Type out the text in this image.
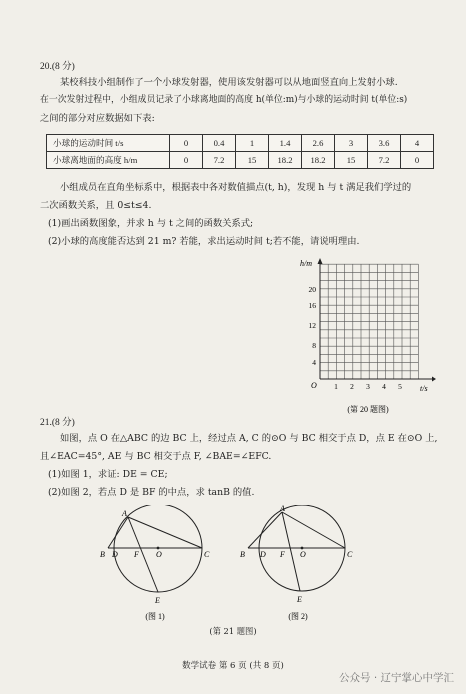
20.(8 分)
某校科技小组制作了一个小球发射器，使用该发射器可以从地面竖直向上发射小球.
在一次发射过程中，小组成员记录了小球离地面的高度 h(单位:m)与小球的运动时间 t(单位:s)
之间的部分对应数据如下表:
小球的运动时间 t/s	0	0.4	1	1.4	2.6	3	3.6	4
小球离地面的高度 h/m	0	7.2	15	18.2	18.2	15	7.2	0
小组成员在直角坐标系中，根据表中各对数值描点(t, h)，发现 h 与 t 满足我们学过的
二次函数关系，且 0≤t≤4.
(1)画出函数图象，并求 h 与 t 之间的函数关系式;
(2)小球的高度能否达到 21 m? 若能，求出运动时间 t;若不能，请说明理由.
h/m
t/s
O
4
8
12
16
20
1 2 3 4 5
(第 20 题图)
21.(8 分)
如图，点 O 在△ABC 的边 BC 上，经过点 A, C 的⊙O 与 BC 相交于点 D，点 E 在⊙O 上,
且∠EAC=45°, AE 与 BC 相交于点 F, ∠BAE=∠EFC.
(1)如图 1，求证: DE = CE;
(2)如图 2，若点 D 是 BF 的中点，求 tanB 的值.
A
B D F O	C
E
(图 1)
A
B D F O	C
E
(图 2)
(第 21 题图)
数学试卷 第 6 页 (共 8 页)
公众号 · 辽宁掌心中学汇
